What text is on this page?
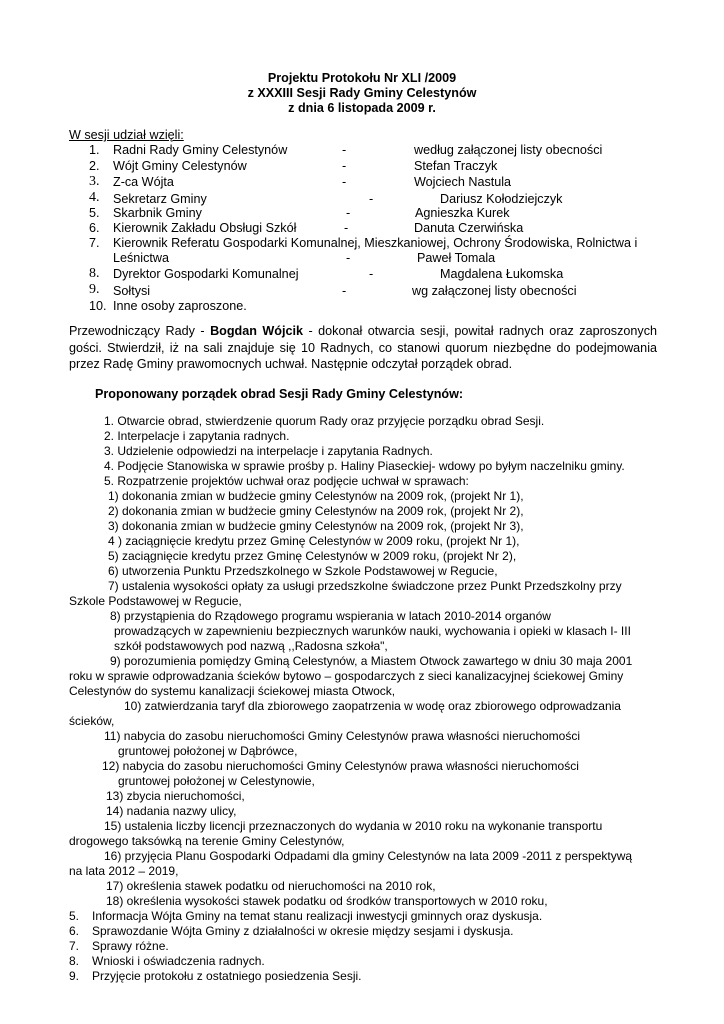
Projektu Protokołu Nr XLI /2009
z XXXIII Sesji Rady Gminy Celestynów
z dnia 6 listopada 2009 r.
W sesji udział wzięli:
1. Radni Rady Gminy Celestynów	-	według załączonej listy obecności
2. Wójt Gminy Celestynów	-	Stefan Traczyk
3. Z-ca Wójta	-	Wojciech Nastula
4. Sekretarz Gminy	-	Dariusz Kołodziejczyk
5. Skarbnik Gminy	-	Agnieszka Kurek
6. Kierownik Zakładu Obsługi Szkół	-	Danuta Czerwińska
7. Kierownik Referatu Gospodarki Komunalnej, Mieszkaniowej, Ochrony Środowiska, Rolnictwa i
Leśnictwa	-	Paweł Tomala
8. Dyrektor Gospodarki Komunalnej	-	Magdalena Łukomska
9. Sołtysi	-	wg załączonej listy obecności
10. Inne osoby zaproszone.
Przewodniczący Rady - Bogdan Wójcik - dokonał otwarcia sesji, powitał radnych oraz zaproszonych gości. Stwierdził, iż na sali znajduje się 10 Radnych, co stanowi quorum niezbędne do podejmowania przez Radę Gminy prawomocnych uchwał. Następnie odczytał porządek obrad.
Proponowany porządek obrad Sesji Rady Gminy Celestynów:
1. Otwarcie obrad, stwierdzenie quorum Rady oraz przyjęcie porządku obrad Sesji.
2. Interpelacje i zapytania radnych.
3. Udzielenie odpowiedzi na interpelacje i zapytania Radnych.
4. Podjęcie Stanowiska w sprawie prośby p. Haliny Piaseckiej- wdowy po byłym naczelniku gminy.
5. Rozpatrzenie projektów uchwał oraz podjęcie uchwał w sprawach:
1) dokonania zmian w budżecie gminy Celestynów na 2009 rok, (projekt Nr 1),
2) dokonania zmian w budżecie gminy Celestynów na 2009 rok, (projekt Nr 2),
3) dokonania zmian w budżecie gminy Celestynów na 2009 rok, (projekt Nr 3),
4 ) zaciągnięcie kredytu przez Gminę Celestynów w 2009 roku, (projekt Nr 1),
5) zaciągnięcie kredytu przez Gminę Celestynów w 2009 roku, (projekt Nr 2),
6) utworzenia Punktu Przedszkolnego w Szkole Podstawowej w Regucie,
7) ustalenia wysokości opłaty za usługi przedszkolne świadczone przez Punkt Przedszkolny przy
Szkole Podstawowej w Regucie,
8) przystąpienia do Rządowego programu wspierania w latach 2010-2014 organów
prowadzących w zapewnieniu bezpiecznych warunków nauki, wychowania i opieki w klasach I- III
szkół podstawowych pod nazwą ,,Radosna szkoła",
9) porozumienia pomiędzy Gminą Celestynów, a Miastem Otwock zawartego w dniu 30 maja 2001
roku w sprawie odprowadzania ścieków bytowo – gospodarczych z sieci kanalizacyjnej ściekowej Gminy
Celestynów do systemu kanalizacji ściekowej miasta Otwock,
10) zatwierdzania taryf dla zbiorowego zaopatrzenia w wodę oraz zbiorowego odprowadzania
ścieków,
11) nabycia do zasobu nieruchomości Gminy Celestynów prawa własności nieruchomości
gruntowej położonej w Dąbrówce,
12) nabycia do zasobu nieruchomości Gminy Celestynów prawa własności nieruchomości
gruntowej położonej w Celestynowie,
13) zbycia nieruchomości,
14) nadania nazwy ulicy,
15) ustalenia liczby licencji przeznaczonych do wydania w 2010 roku na wykonanie transportu
drogowego taksówką na terenie Gminy Celestynów,
16) przyjęcia Planu Gospodarki Odpadami dla gminy Celestynów na lata 2009 -2011 z perspektywą
na lata 2012 – 2019,
17) określenia stawek podatku od nieruchomości na 2010 rok,
18) określenia wysokości stawek podatku od środków transportowych w 2010 roku,
5. Informacja Wójta Gminy na temat stanu realizacji inwestycji gminnych oraz dyskusja.
6. Sprawozdanie Wójta Gminy z działalności w okresie między sesjami i dyskusja.
7. Sprawy różne.
8. Wnioski i oświadczenia radnych.
9. Przyjęcie protokołu z ostatniego posiedzenia Sesji.
